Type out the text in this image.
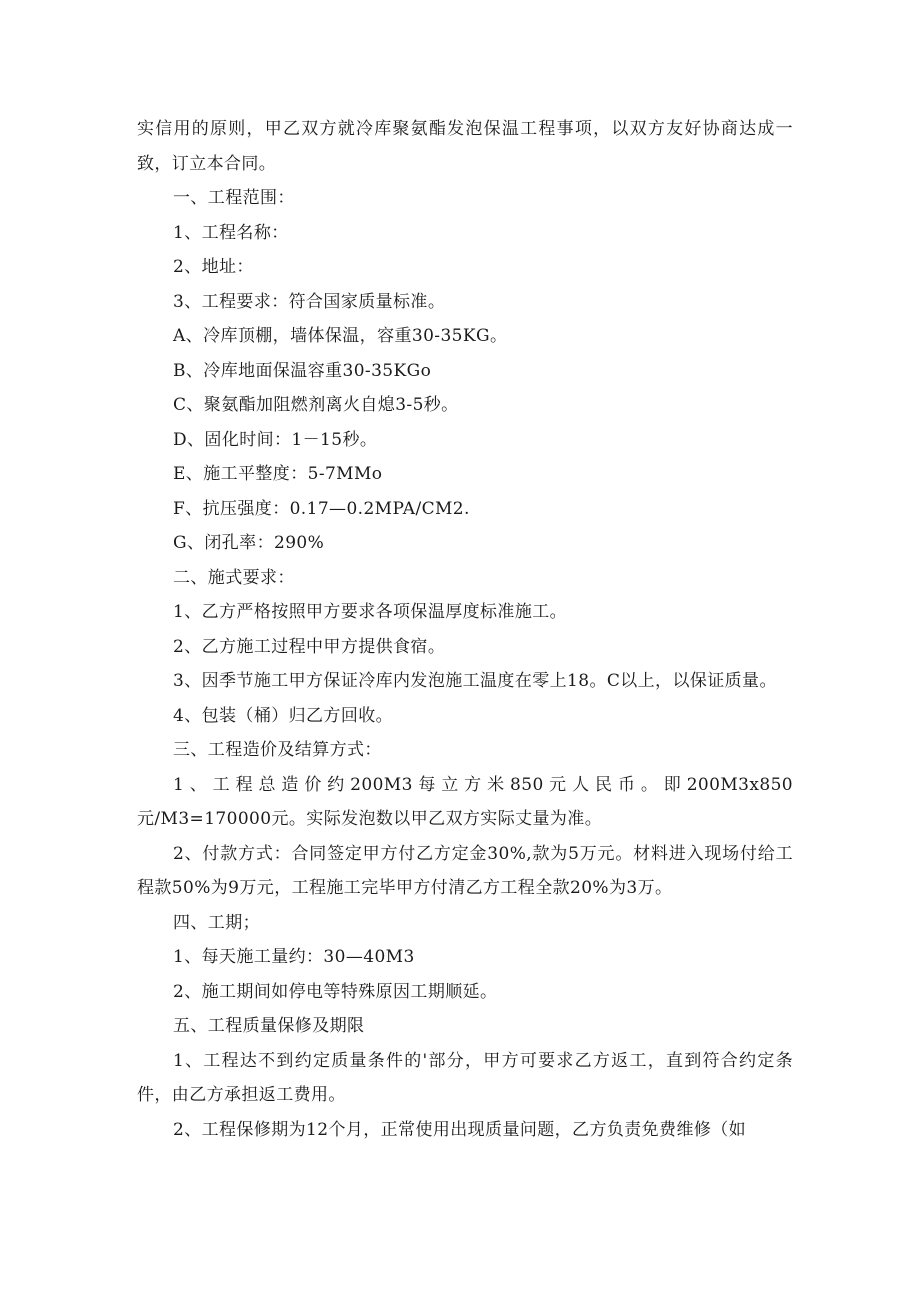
实信用的原则，甲乙双方就冷库聚氨酯发泡保温工程事项，以双方友好协商达成一致，订立本合同。

一、工程范围：

1、工程名称：

2、地址：

3、工程要求：符合国家质量标准。

A、冷库顶棚，墙体保温，容重30-35KG。

B、冷库地面保温容重30-35KGo

C、聚氨酯加阻燃剂离火自熄3-5秒。

D、固化时间：1－15秒。

E、施工平整度：5-7MMo

F、抗压强度：0.17—0.2MPA/CM2.

G、闭孔率：290%

二、施式要求：

1、乙方严格按照甲方要求各项保温厚度标准施工。

2、乙方施工过程中甲方提供食宿。

3、因季节施工甲方保证冷库内发泡施工温度在零上18。C以上，以保证质量。

4、包装（桶）归乙方回收。

三、工程造价及结算方式：

1、工程总造价约200M3每立方米850元人民币。即200M3x850元/M3=170000元。实际发泡数以甲乙双方实际丈量为准。

2、付款方式：合同签定甲方付乙方定金30%,款为5万元。材料进入现场付给工程款50%为9万元，工程施工完毕甲方付清乙方工程全款20%为3万。

四、工期；

1、每天施工量约：30—40M3

2、施工期间如停电等特殊原因工期顺延。

五、工程质量保修及期限

1、工程达不到约定质量条件的'部分，甲方可要求乙方返工，直到符合约定条件，由乙方承担返工费用。

2、工程保修期为12个月，正常使用出现质量问题，乙方负责免费维修（如
